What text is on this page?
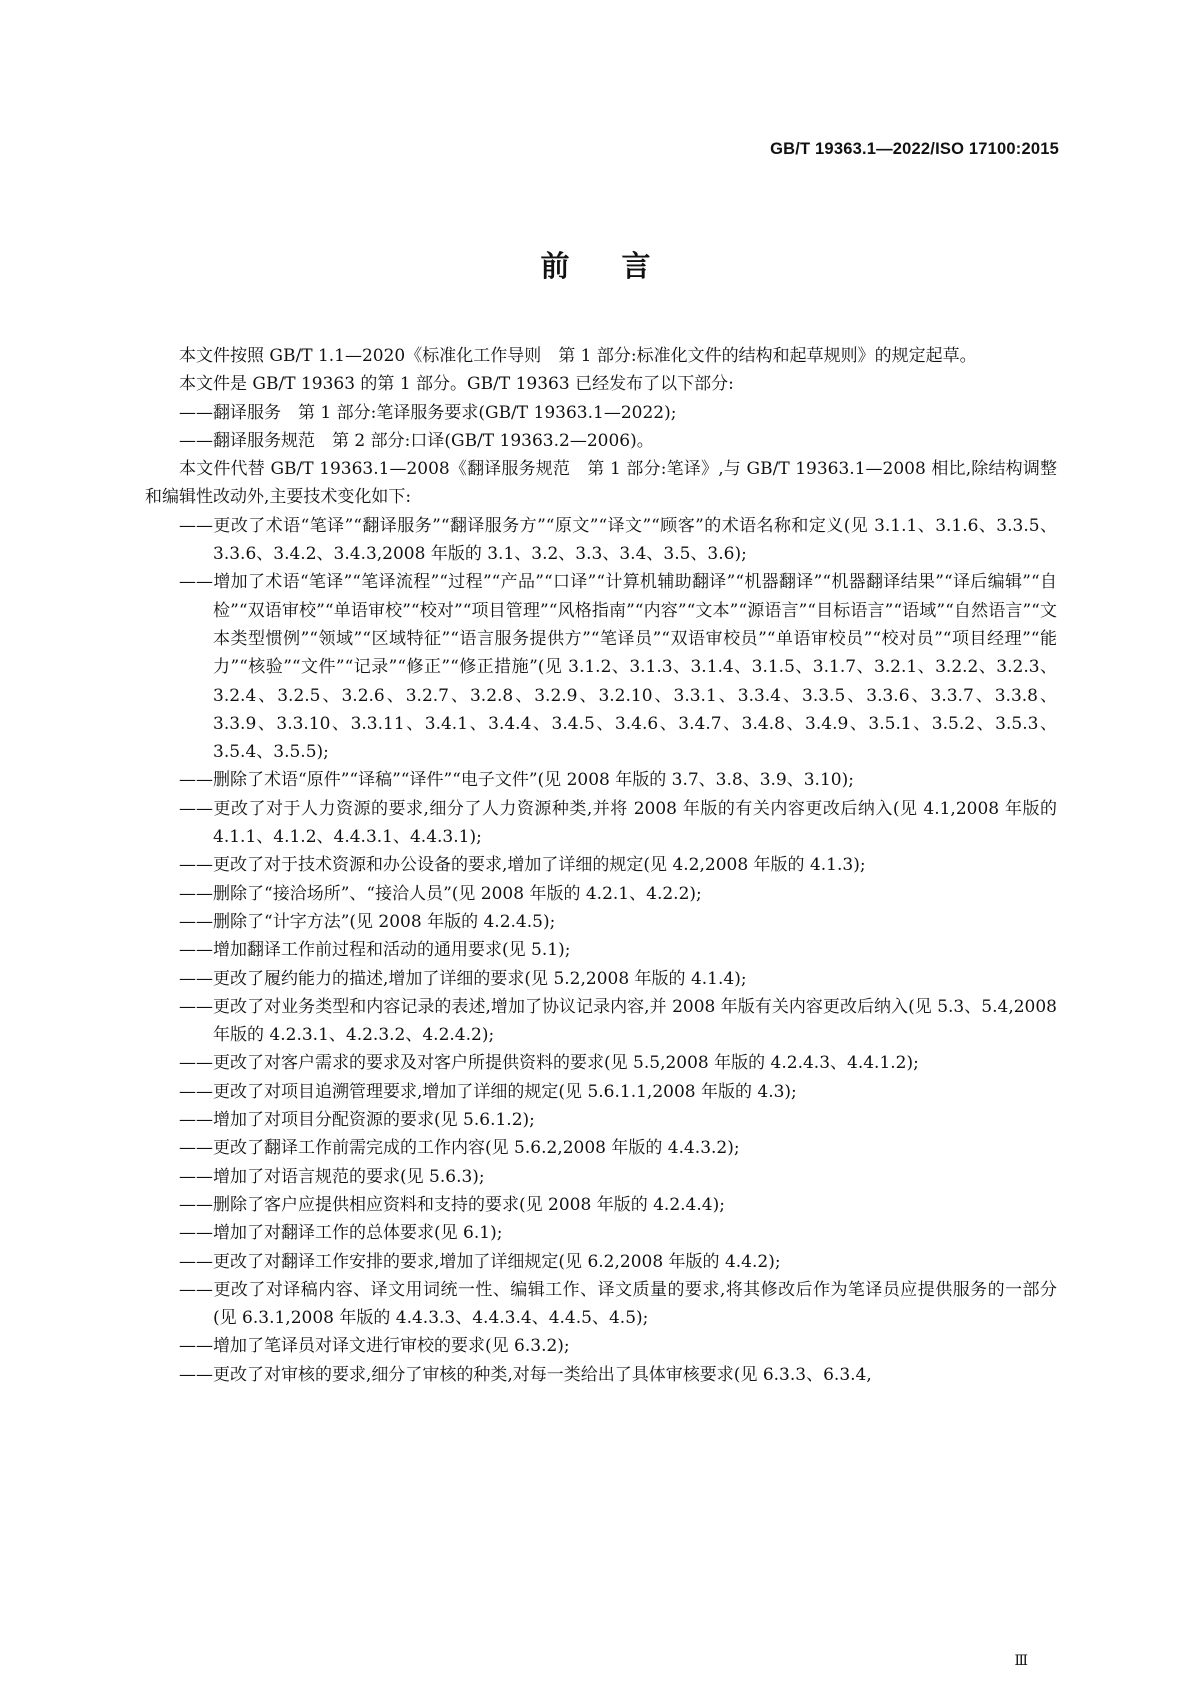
GB/T 19363.1—2022/ISO 17100:2015
前言

本文件按照 GB/T 1.1—2020《标准化工作导则　第 1 部分:标准化文件的结构和起草规则》的规定起草。

本文件是 GB/T 19363 的第 1 部分。GB/T 19363 已经发布了以下部分:

——翻译服务　第 1 部分:笔译服务要求(GB/T 19363.1—2022);

——翻译服务规范　第 2 部分:口译(GB/T 19363.2—2006)。

本文件代替 GB/T 19363.1—2008《翻译服务规范　第 1 部分:笔译》,与 GB/T 19363.1—2008 相比,除结构调整和编辑性改动外,主要技术变化如下:

——更改了术语“笔译”“翻译服务”“翻译服务方”“原文”“译文”“顾客”的术语名称和定义(见 3.1.1、3.1.6、3.3.5、3.3.6、3.4.2、3.4.3,2008 年版的 3.1、3.2、3.3、3.4、3.5、3.6);

——增加了术语“笔译”“笔译流程”“过程”“产品”“口译”“计算机辅助翻译”“机器翻译”“机器翻译结果”“译后编辑”“自检”“双语审校”“单语审校”“校对”“项目管理”“风格指南”“内容”“文本”“源语言”“目标语言”“语域”“自然语言”“文本类型惯例”“领域”“区域特征”“语言服务提供方”“笔译员”“双语审校员”“单语审校员”“校对员”“项目经理”“能力”“核验”“文件”“记录”“修正”“修正措施”(见 3.1.2、3.1.3、3.1.4、3.1.5、3.1.7、3.2.1、3.2.2、3.2.3、3.2.4、3.2.5、3.2.6、3.2.7、3.2.8、3.2.9、3.2.10、3.3.1、3.3.4、3.3.5、3.3.6、3.3.7、3.3.8、3.3.9、3.3.10、3.3.11、3.4.1、3.4.4、3.4.5、3.4.6、3.4.7、3.4.8、3.4.9、3.5.1、3.5.2、3.5.3、3.5.4、3.5.5);

——删除了术语“原件”“译稿”“译件”“电子文件”(见 2008 年版的 3.7、3.8、3.9、3.10);

——更改了对于人力资源的要求,细分了人力资源种类,并将 2008 年版的有关内容更改后纳入(见 4.1,2008 年版的 4.1.1、4.1.2、4.4.3.1、4.4.3.1);

——更改了对于技术资源和办公设备的要求,增加了详细的规定(见 4.2,2008 年版的 4.1.3);

——删除了“接洽场所”、“接洽人员”(见 2008 年版的 4.2.1、4.2.2);

——删除了“计字方法”(见 2008 年版的 4.2.4.5);

——增加翻译工作前过程和活动的通用要求(见 5.1);

——更改了履约能力的描述,增加了详细的要求(见 5.2,2008 年版的 4.1.4);

——更改了对业务类型和内容记录的表述,增加了协议记录内容,并 2008 年版有关内容更改后纳入(见 5.3、5.4,2008 年版的 4.2.3.1、4.2.3.2、4.2.4.2);

——更改了对客户需求的要求及对客户所提供资料的要求(见 5.5,2008 年版的 4.2.4.3、4.4.1.2);

——更改了对项目追溯管理要求,增加了详细的规定(见 5.6.1.1,2008 年版的 4.3);

——增加了对项目分配资源的要求(见 5.6.1.2);

——更改了翻译工作前需完成的工作内容(见 5.6.2,2008 年版的 4.4.3.2);

——增加了对语言规范的要求(见 5.6.3);

——删除了客户应提供相应资料和支持的要求(见 2008 年版的 4.2.4.4);

——增加了对翻译工作的总体要求(见 6.1);

——更改了对翻译工作安排的要求,增加了详细规定(见 6.2,2008 年版的 4.4.2);

——更改了对译稿内容、译文用词统一性、编辑工作、译文质量的要求,将其修改后作为笔译员应提供服务的一部分(见 6.3.1,2008 年版的 4.4.3.3、4.4.3.4、4.4.5、4.5);

——增加了笔译员对译文进行审校的要求(见 6.3.2);

——更改了对审核的要求,细分了审核的种类,对每一类给出了具体审核要求(见 6.3.3、6.3.4,

Ⅲ
